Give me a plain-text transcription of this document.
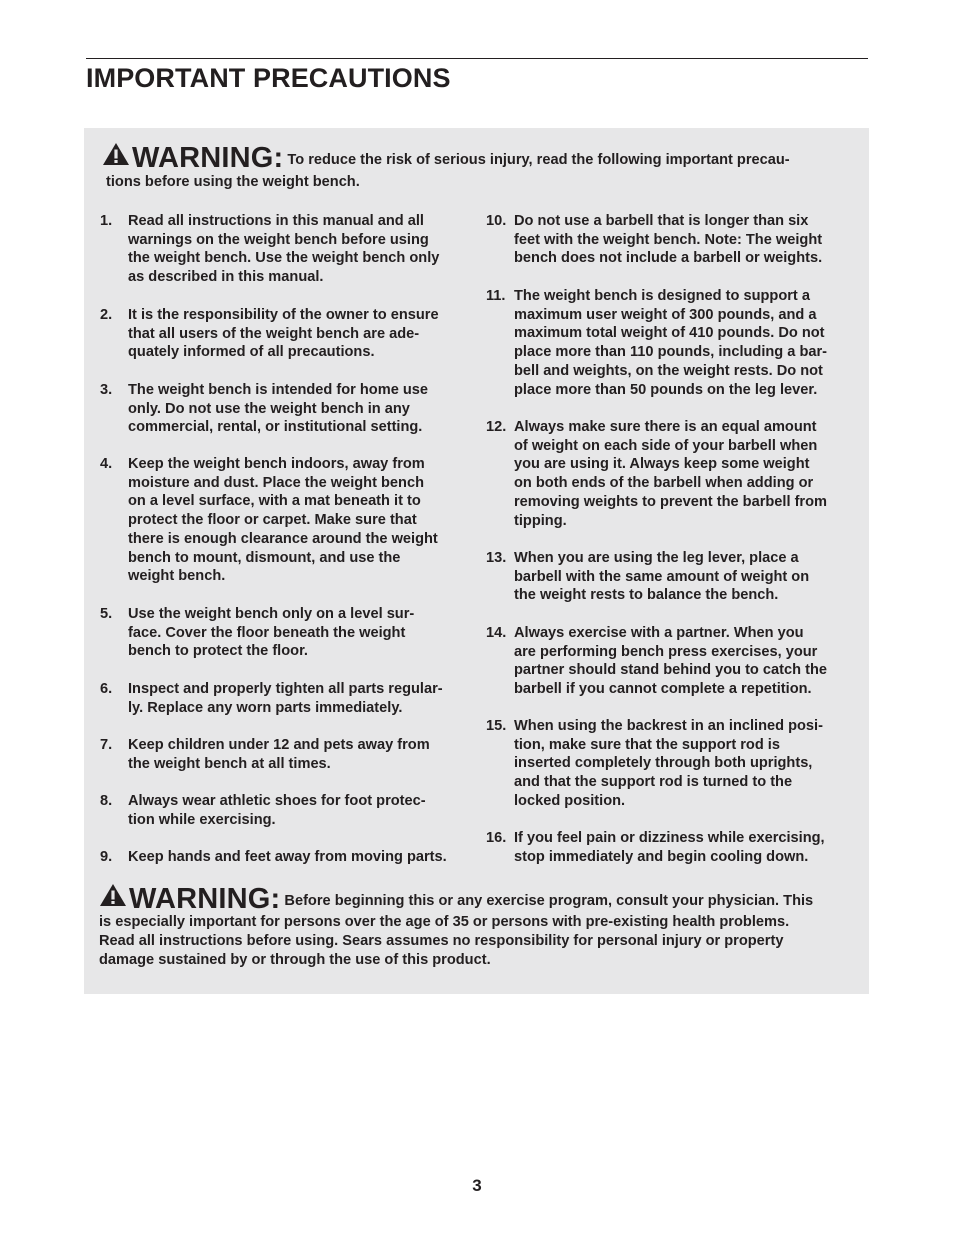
IMPORTANT PRECAUTIONS
WARNING: To reduce the risk of serious injury, read the following important precau-
tions before using the weight bench.
1. Read all instructions in this manual and all
warnings on the weight bench before using
the weight bench. Use the weight bench only
as described in this manual.
2. It is the responsibility of the owner to ensure
that all users of the weight bench are ade-
quately informed of all precautions.
3. The weight bench is intended for home use
only. Do not use the weight bench in any
commercial, rental, or institutional setting.
4. Keep the weight bench indoors, away from
moisture and dust. Place the weight bench
on a level surface, with a mat beneath it to
protect the floor or carpet. Make sure that
there is enough clearance around the weight
bench to mount, dismount, and use the
weight bench.
5. Use the weight bench only on a level sur-
face. Cover the floor beneath the weight
bench to protect the floor.
6. Inspect and properly tighten all parts regular-
ly. Replace any worn parts immediately.
7. Keep children under 12 and pets away from
the weight bench at all times.
8. Always wear athletic shoes for foot protec-
tion while exercising.
9. Keep hands and feet away from moving parts.
10. Do not use a barbell that is longer than six
feet with the weight bench. Note: The weight
bench does not include a barbell or weights.
11. The weight bench is designed to support a
maximum user weight of 300 pounds, and a
maximum total weight of 410 pounds. Do not
place more than 110 pounds, including a bar-
bell and weights, on the weight rests. Do not
place more than 50 pounds on the leg lever.
12. Always make sure there is an equal amount
of weight on each side of your barbell when
you are using it. Always keep some weight
on both ends of the barbell when adding or
removing weights to prevent the barbell from
tipping.
13. When you are using the leg lever, place a
barbell with the same amount of weight on
the weight rests to balance the bench.
14. Always exercise with a partner. When you
are performing bench press exercises, your
partner should stand behind you to catch the
barbell if you cannot complete a repetition.
15. When using the backrest in an inclined posi-
tion, make sure that the support rod is
inserted completely through both uprights,
and that the support rod is turned to the
locked position.
16. If you feel pain or dizziness while exercising,
stop immediately and begin cooling down.
WARNING: Before beginning this or any exercise program, consult your physician. This
is especially important for persons over the age of 35 or persons with pre-existing health problems.
Read all instructions before using. Sears assumes no responsibility for personal injury or property
damage sustained by or through the use of this product.
3
